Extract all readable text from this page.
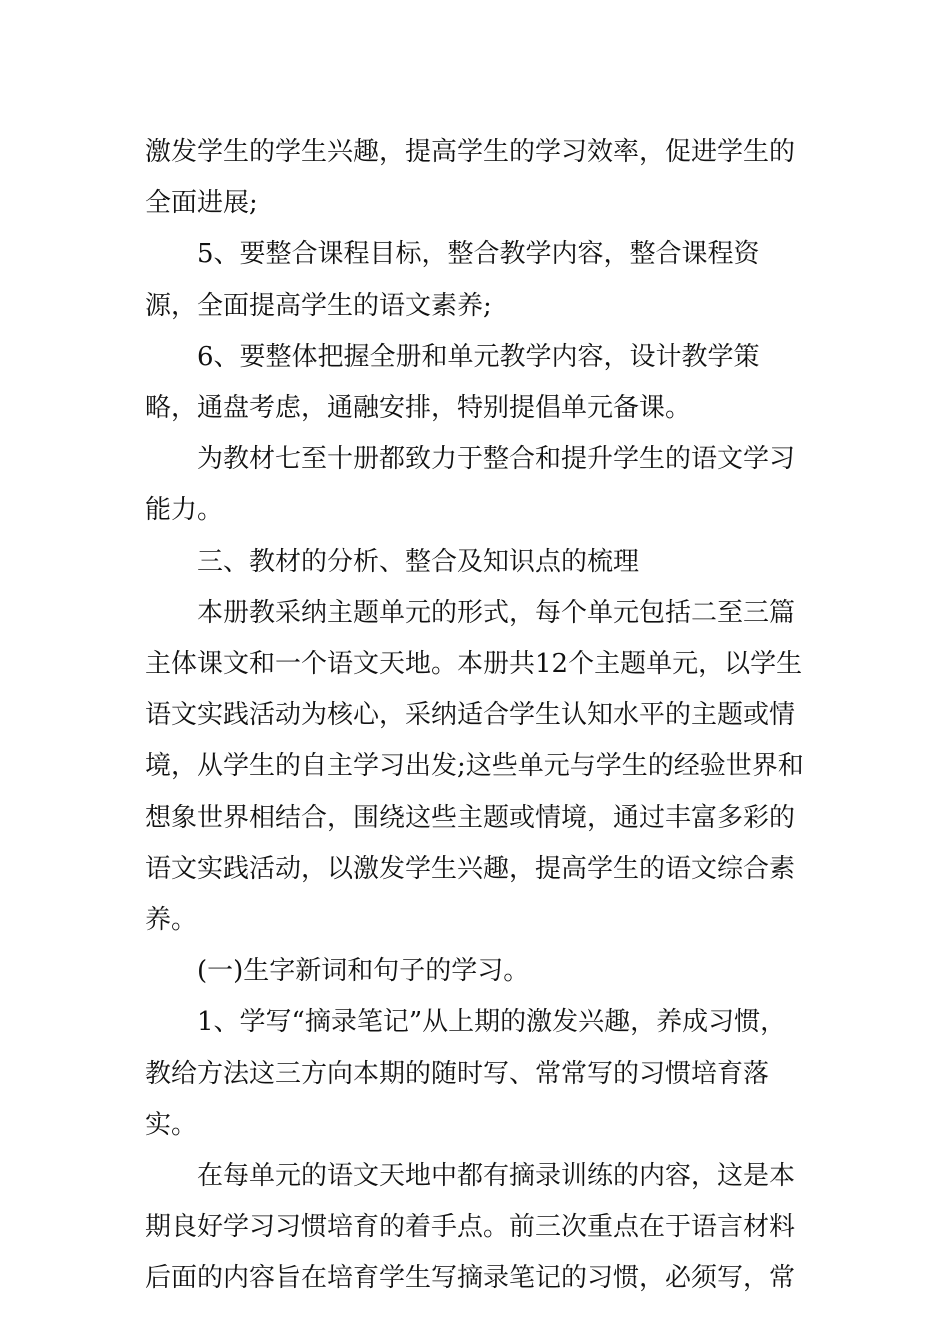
激发学生的学生兴趣，提高学生的学习效率，促进学生的全面进展;

5、要整合课程目标，整合教学内容，整合课程资源，全面提高学生的语文素养;

6、要整体把握全册和单元教学内容，设计教学策略，通盘考虑，通融安排，特别提倡单元备课。

为教材七至十册都致力于整合和提升学生的语文学习能力。

三、教材的分析、整合及知识点的梳理

本册教采纳主题单元的形式，每个单元包括二至三篇主体课文和一个语文天地。本册共12个主题单元，以学生语文实践活动为核心，采纳适合学生认知水平的主题或情境，从学生的自主学习出发;这些单元与学生的经验世界和想象世界相结合，围绕这些主题或情境，通过丰富多彩的语文实践活动，以激发学生兴趣，提高学生的语文综合素养。

(一)生字新词和句子的学习。

1、学写“摘录笔记”从上期的激发兴趣，养成习惯，教给方法这三方向本期的随时写、常常写的习惯培育落实。

在每单元的语文天地中都有摘录训练的内容，这是本期良好学习习惯培育的着手点。前三次重点在于语言材料后面的内容旨在培育学生写摘录笔记的习惯，必须写，常
